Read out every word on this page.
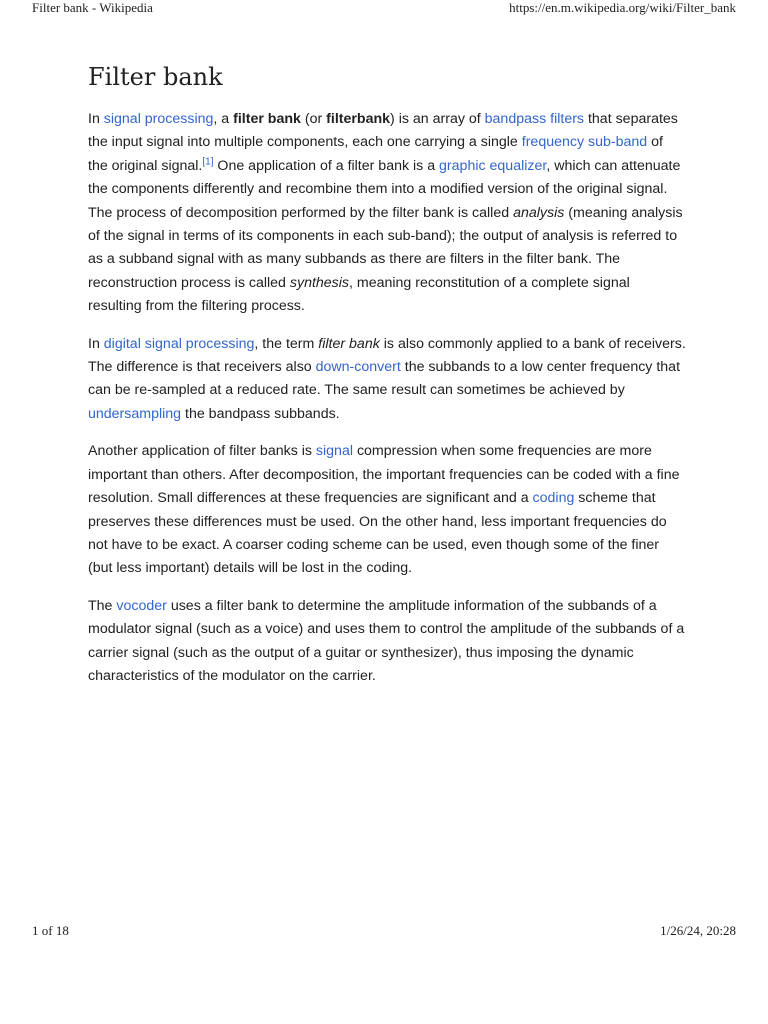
Filter bank - Wikipedia	https://en.m.wikipedia.org/wiki/Filter_bank
Filter bank

In signal processing, a filter bank (or filterbank) is an array of bandpass filters that separates the input signal into multiple components, each one carrying a single frequency sub-band of the original signal.[1] One application of a filter bank is a graphic equalizer, which can attenuate the components differently and recombine them into a modified version of the original signal. The process of decomposition performed by the filter bank is called analysis (meaning analysis of the signal in terms of its components in each sub-band); the output of analysis is referred to as a subband signal with as many subbands as there are filters in the filter bank. The reconstruction process is called synthesis, meaning reconstitution of a complete signal resulting from the filtering process.

In digital signal processing, the term filter bank is also commonly applied to a bank of receivers. The difference is that receivers also down-convert the subbands to a low center frequency that can be re-sampled at a reduced rate. The same result can sometimes be achieved by undersampling the bandpass subbands.

Another application of filter banks is signal compression when some frequencies are more important than others. After decomposition, the important frequencies can be coded with a fine resolution. Small differences at these frequencies are significant and a coding scheme that preserves these differences must be used. On the other hand, less important frequencies do not have to be exact. A coarser coding scheme can be used, even though some of the finer (but less important) details will be lost in the coding.

The vocoder uses a filter bank to determine the amplitude information of the subbands of a modulator signal (such as a voice) and uses them to control the amplitude of the subbands of a carrier signal (such as the output of a guitar or synthesizer), thus imposing the dynamic characteristics of the modulator on the carrier.

1 of 18	1/26/24, 20:28
